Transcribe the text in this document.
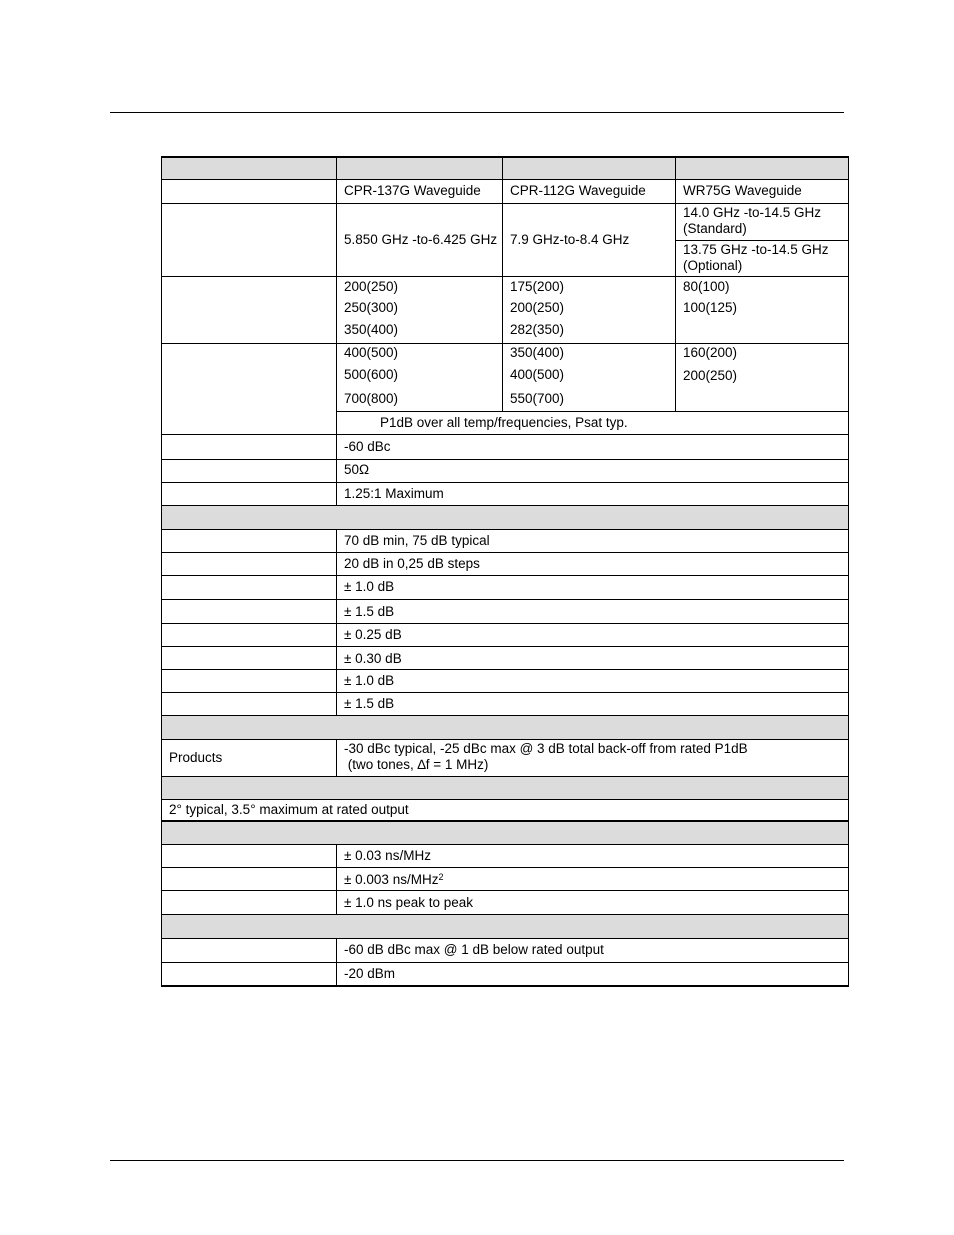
CPR-137G Waveguide	CPR-112G Waveguide	WR75G Waveguide
5.850 GHz -to-6.425 GHz 7.9 GHz-to-8.4 GHz
14.0 GHz -to-14.5 GHz
(Standard)
13.75 GHz -to-14.5 GHz
(Optional)
200(250)
250(300)
350(400)
175(200)
200(250)
282(350)
80(100)
100(125)
400(500)
500(600)
700(800)
350(400)
400(500)
550(700)
160(200)
200(250)
P1dB over all temp/frequencies, Psat typ.
-60 dBc
50Ω
1.25:1 Maximum
70 dB min, 75 dB typical
20 dB in 0,25 dB steps
± 1.0 dB
± 1.5 dB
± 0.25 dB
± 0.30 dB
± 1.0 dB
± 1.5 dB
Products
-30 dBc typical, -25 dBc max @ 3 dB total back-off from rated P1dB
(two tones, ∆f = 1 MHz)
2° typical, 3.5° maximum at rated output
± 0.03 ns/MHz
± 0.003 ns/MHz$^2$
± 1.0 ns peak to peak
-60 dB dBc max @ 1 dB below rated output
-20 dBm
